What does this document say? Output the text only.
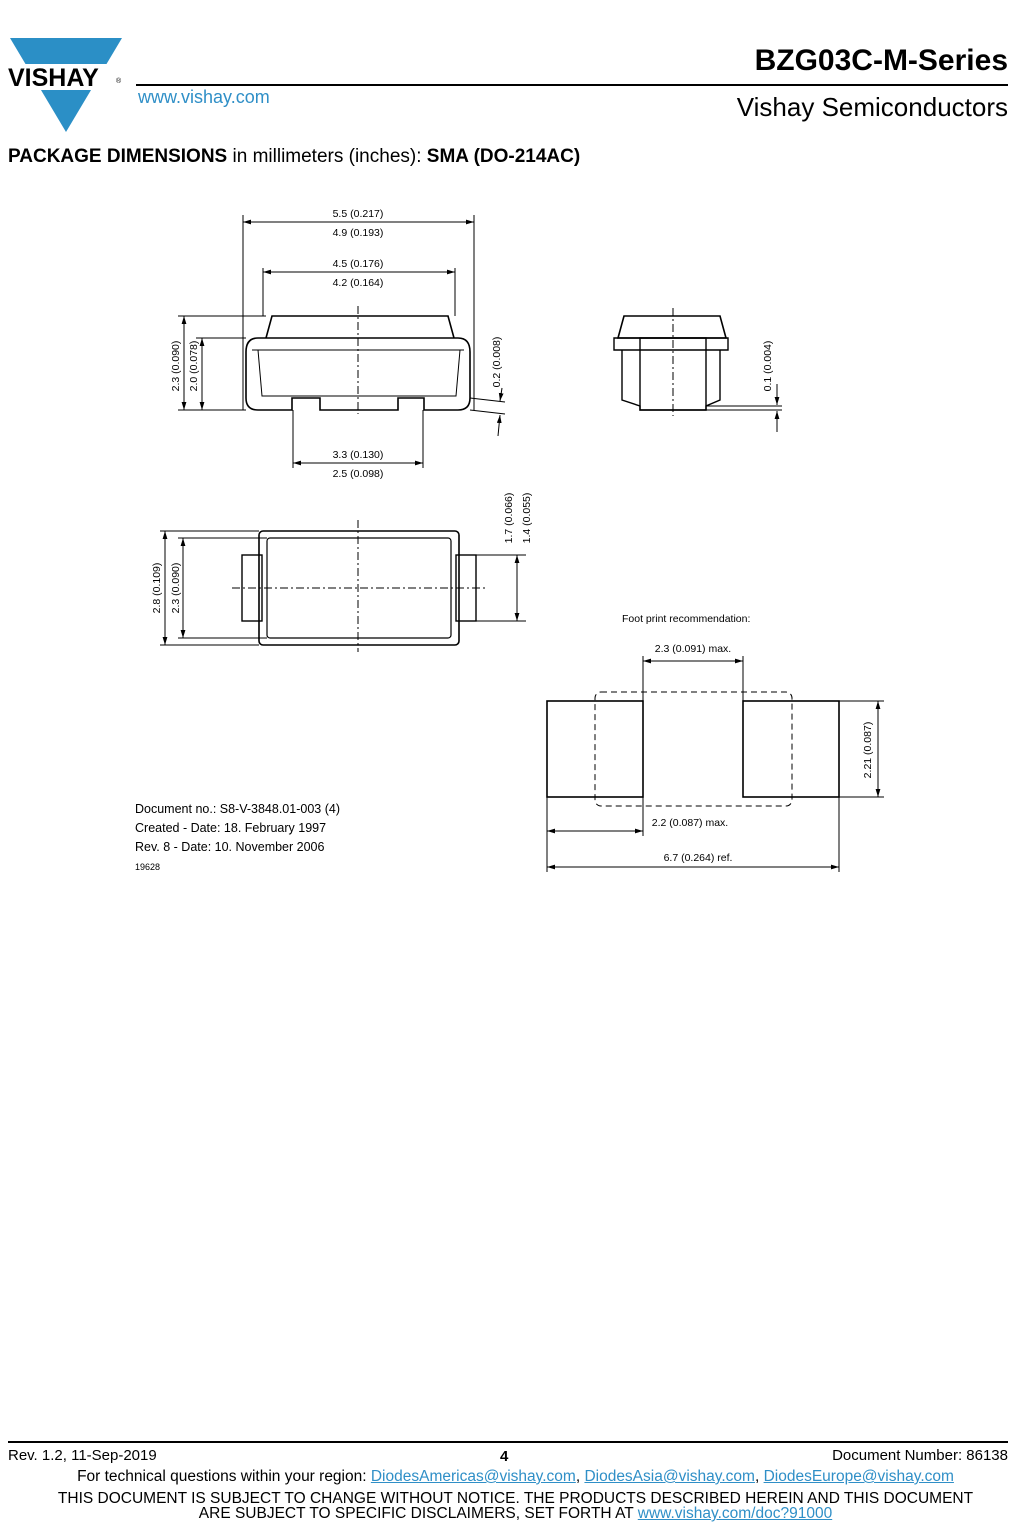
VISHAY ®
www.vishay.com
BZG03C-M-Series
Vishay Semiconductors
PACKAGE DIMENSIONS in millimeters (inches): SMA (DO-214AC)
5.5 (0.217)
4.9 (0.193)
4.5 (0.176)
4.2 (0.164)
3.3 (0.130)
2.5 (0.098)
2.3 (0.090) 2.0 (0.078)	0.2 (0.008)	0.1 (0.004)
1.7 (0.066) 1.4 (0.055)
2.8 (0.109) 2.3 (0.090)
Foot print recommendation:
2.3 (0.091) max.
2.21 (0.087)
2.2 (0.087) max.
6.7 (0.264) ref.
Document no.: S8-V-3848.01-003 (4)
Created - Date: 18. February 1997
Rev. 8 - Date: 10. November 2006
19628
Rev. 1.2, 11-Sep-2019	4	Document Number: 86138
For technical questions within your region: DiodesAmericas@vishay.com, DiodesAsia@vishay.com, DiodesEurope@vishay.com
THIS DOCUMENT IS SUBJECT TO CHANGE WITHOUT NOTICE. THE PRODUCTS DESCRIBED HEREIN AND THIS DOCUMENT
ARE SUBJECT TO SPECIFIC DISCLAIMERS, SET FORTH AT www.vishay.com/doc?91000
